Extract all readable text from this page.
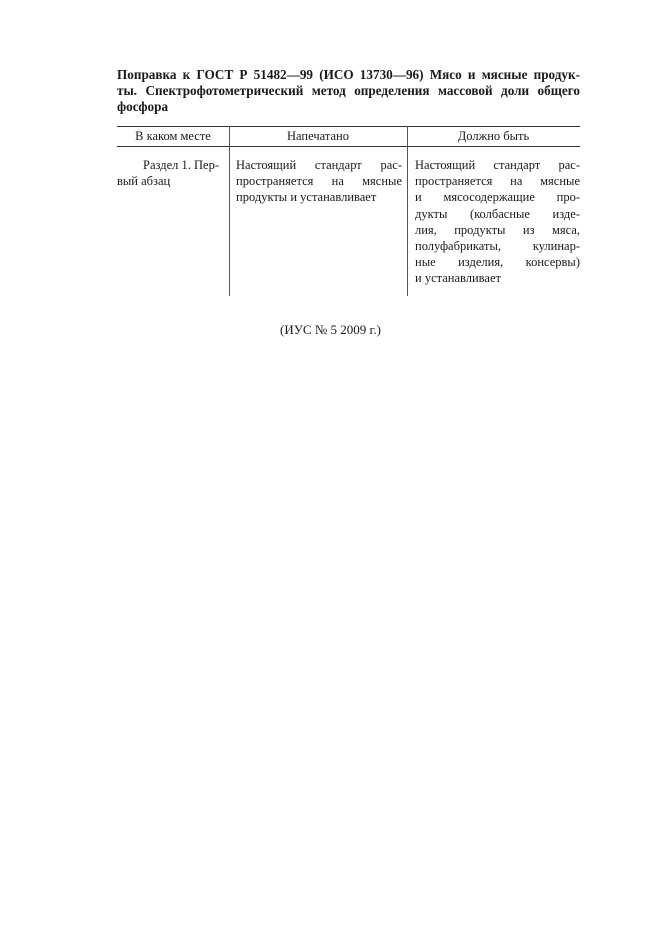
Поправка к ГОСТ Р 51482—99 (ИСО 13730—96) Мясо и мясные продук-
ты. Спектрофотометрический метод определения массовой доли общего
фосфора
В каком месте	Напечатано	Должно быть
Раздел 1. Пер-
вый абзац
Настоящий стандарт рас-
пространяется на мясные
продукты и устанавливает
Настоящий стандарт рас-
пространяется на мясные
и мясосодержащие про-
дукты (колбасные изде-
лия, продукты из мяса,
полуфабрикаты, кулинар-
ные изделия, консервы)
и устанавливает
(ИУС № 5 2009 г.)
